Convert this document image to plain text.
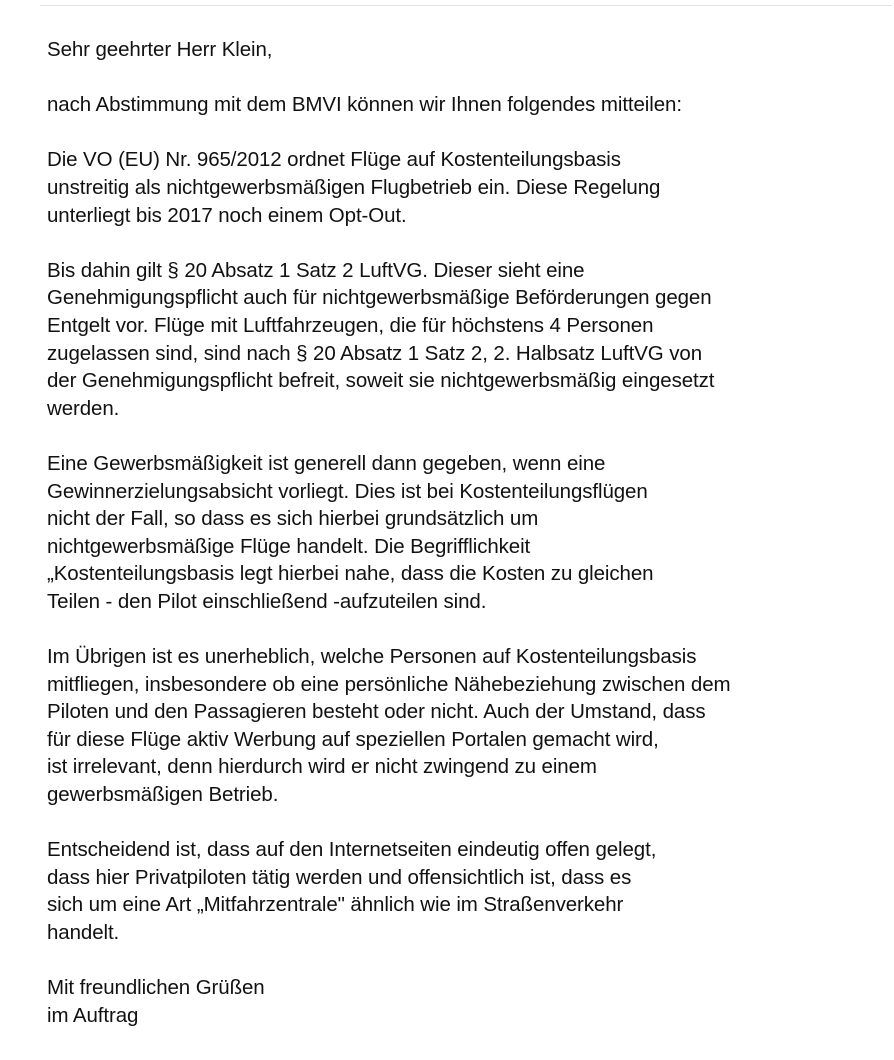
Sehr geehrter Herr Klein,

nach Abstimmung mit dem BMVI können wir Ihnen folgendes mitteilen:

Die VO (EU) Nr. 965/2012 ordnet Flüge auf Kostenteilungsbasis
unstreitig als nichtgewerbsmäßigen Flugbetrieb ein. Diese Regelung
unterliegt bis 2017 noch einem Opt-Out.

Bis dahin gilt § 20 Absatz 1 Satz 2 LuftVG. Dieser sieht eine
Genehmigungspflicht auch für nichtgewerbsmäßige Beförderungen gegen
Entgelt vor. Flüge mit Luftfahrzeugen, die für höchstens 4 Personen
zugelassen sind, sind nach § 20 Absatz 1 Satz 2, 2. Halbsatz LuftVG von
der Genehmigungspflicht befreit, soweit sie nichtgewerbsmäßig eingesetzt
werden.

Eine Gewerbsmäßigkeit ist generell dann gegeben, wenn eine
Gewinnerzielungsabsicht vorliegt. Dies ist bei Kostenteilungsflügen
nicht der Fall, so dass es sich hierbei grundsätzlich um
nichtgewerbsmäßige Flüge handelt. Die Begrifflichkeit
„Kostenteilungsbasis legt hierbei nahe, dass die Kosten zu gleichen
Teilen - den Pilot einschließend -aufzuteilen sind.

Im Übrigen ist es unerheblich, welche Personen auf Kostenteilungsbasis
mitfliegen, insbesondere ob eine persönliche Nähebeziehung zwischen dem
Piloten und den Passagieren besteht oder nicht. Auch der Umstand, dass
für diese Flüge aktiv Werbung auf speziellen Portalen gemacht wird,
ist irrelevant, denn hierdurch wird er nicht zwingend zu einem
gewerbsmäßigen Betrieb.

Entscheidend ist, dass auf den Internetseiten eindeutig offen gelegt,
dass hier Privatpiloten tätig werden und offensichtlich ist, dass es
sich um eine Art „Mitfahrzentrale" ähnlich wie im Straßenverkehr
handelt.

Mit freundlichen Grüßen
im Auftrag
